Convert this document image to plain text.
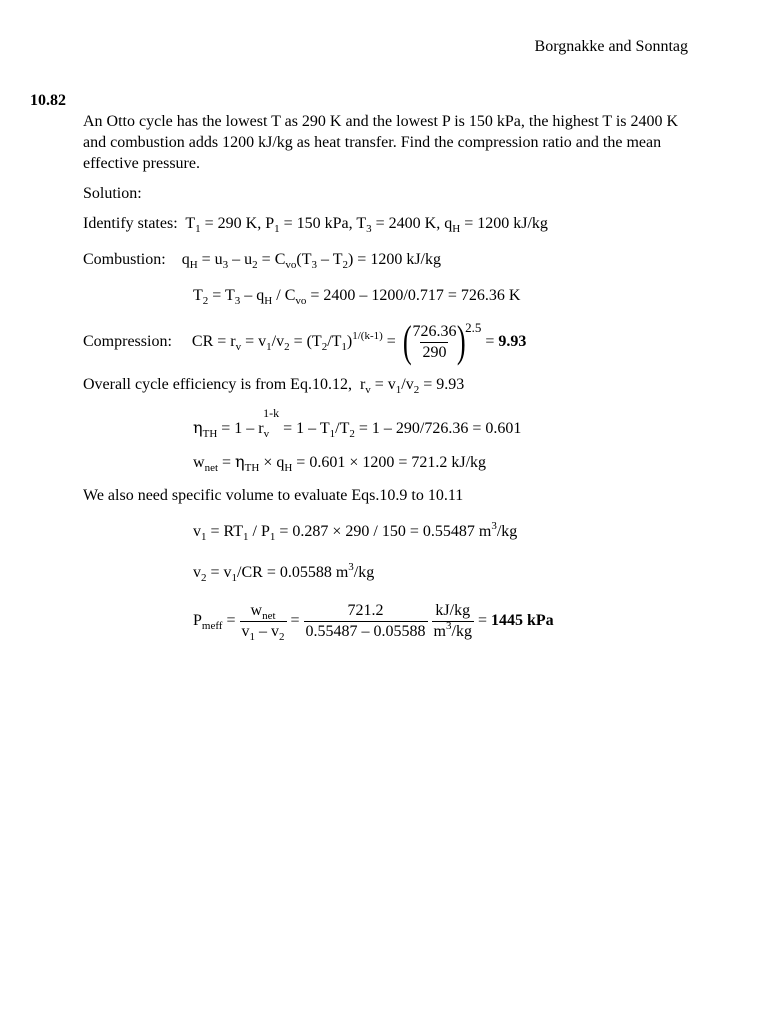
Borgnakke and Sonntag
10.82
An Otto cycle has the lowest T as 290 K and the lowest P is 150 kPa, the highest T is 2400 K and combustion adds 1200 kJ/kg as heat transfer. Find the compression ratio and the mean effective pressure.
Solution:
Identify states:  $T_1 = 290$ K, $P_1 = 150$ kPa, $T_3 = 2400$ K, $q_H = 1200$ kJ/kg
Combustion:    $q_H = u_3 - u_2 = C_{vo}(T_3 - T_2) = 1200$ kJ/kg
$T_2 = T_3 - q_H / C_{vo} = 2400 - 1200/0.717 = 726.36$ K
Compression:     CR = $r_v = v_1/v_2 = (T_2/T_1)^{1/(k-1)}$ = (
$\frac{726.36}{290}$
)$^{2.5}$ = 9.93
Overall cycle efficiency is from Eq.10.12,  $r_v = v_1/v_2 = 9.93$
$\eta_{TH} = 1 - r_v^{1-k} = 1 - T_1/T_2 = 1 - 290/726.36 = 0.601$
$w_{net} = \eta_{TH} \times q_H = 0.601 \times 1200 = 721.2$ kJ/kg
We also need specific volume to evaluate Eqs.10.9 to 10.11
$v_1 = RT_1 / P_1 = 0.287 \times 290 / 150 = 0.55487$ $m^3/kg$
$v_2 = v_1/CR = 0.05588$ $m^3/kg$
$P_{meff} = \frac{w_{net}}{v_1 - v_2} = \frac{721.2}{0.55487 - 0.05588}$
$\frac{kJ/kg}{m^3/kg} = 1445$ kPa
